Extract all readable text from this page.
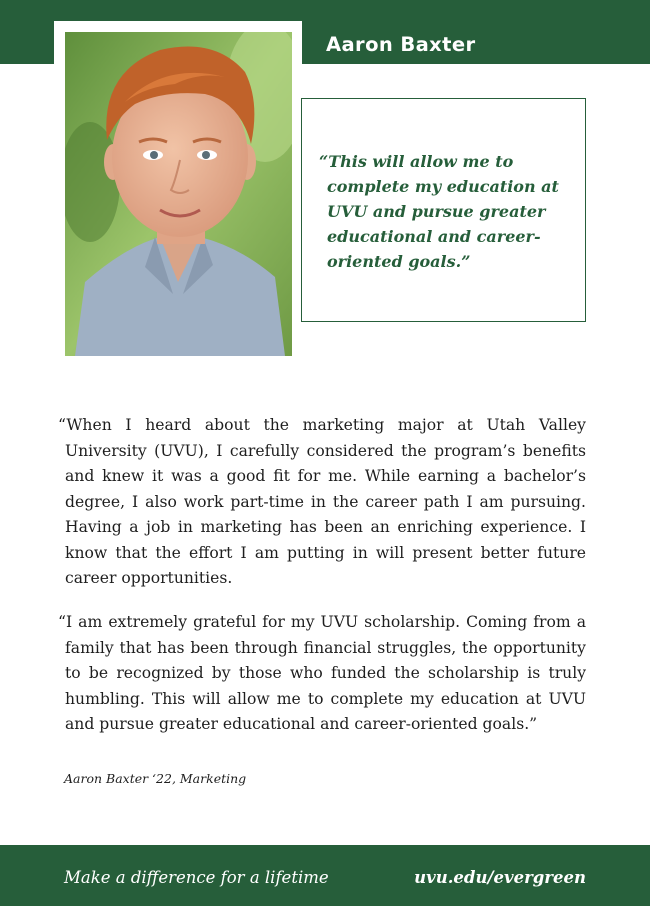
Aaron Baxter
“This will allow me to complete my education at UVU and pursue greater educational and career-oriented goals.”

“When I heard about the marketing major at Utah Valley University (UVU), I carefully considered the program’s benefits and knew it was a good fit for me. While earning a bachelor’s degree, I also work part-time in the career path I am pursuing. Having a job in marketing has been an enriching experience. I know that the effort I am putting in will present better future career opportunities.

“I am extremely grateful for my UVU scholarship. Coming from a family that has been through financial struggles, the opportunity to be recognized by those who funded the scholarship is truly humbling. This will allow me to complete my education at UVU and pursue greater educational and career-oriented goals.”

Aaron Baxter ‘22, Marketing
Make a difference for a lifetime	uvu.edu/evergreen
